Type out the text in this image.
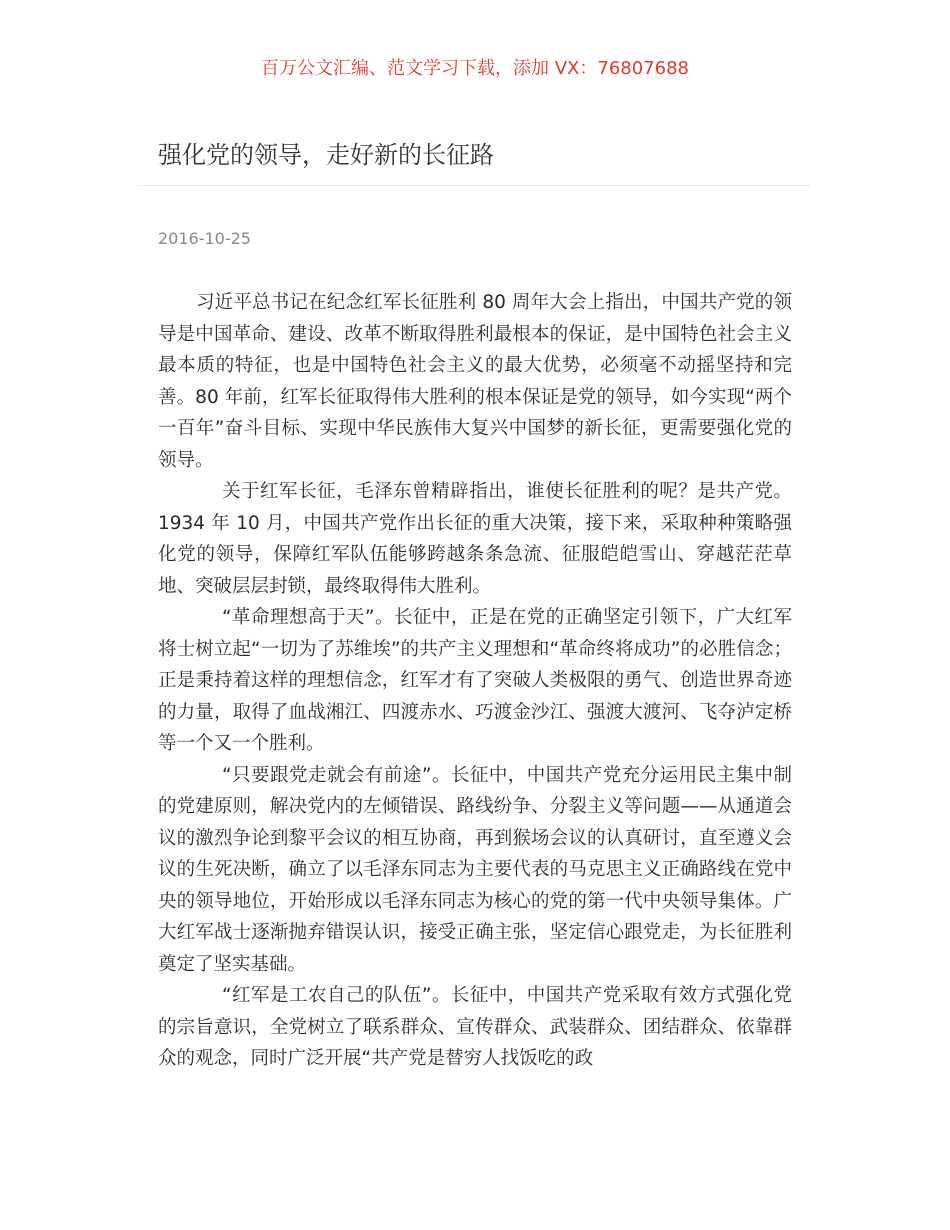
百万公文汇编、范文学习下载，添加 VX：76807688
强化党的领导，走好新的长征路
2016-10-25

习近平总书记在纪念红军长征胜利 80 周年大会上指出，中国共产党的领导是中国革命、建设、改革不断取得胜利最根本的保证，是中国特色社会主义最本质的特征，也是中国特色社会主义的最大优势，必须毫不动摇坚持和完善。80 年前，红军长征取得伟大胜利的根本保证是党的领导，如今实现“两个一百年”奋斗目标、实现中华民族伟大复兴中国梦的新长征，更需要强化党的领导。

关于红军长征，毛泽东曾精辟指出，谁使长征胜利的呢？是共产党。1934 年 10 月，中国共产党作出长征的重大决策，接下来，采取种种策略强化党的领导，保障红军队伍能够跨越条条急流、征服皑皑雪山、穿越茫茫草地、突破层层封锁，最终取得伟大胜利。

“革命理想高于天”。长征中，正是在党的正确坚定引领下，广大红军将士树立起“一切为了苏维埃”的共产主义理想和“革命终将成功”的必胜信念；正是秉持着这样的理想信念，红军才有了突破人类极限的勇气、创造世界奇迹的力量，取得了血战湘江、四渡赤水、巧渡金沙江、强渡大渡河、飞夺泸定桥等一个又一个胜利。

“只要跟党走就会有前途”。长征中，中国共产党充分运用民主集中制的党建原则，解决党内的左倾错误、路线纷争、分裂主义等问题——从通道会议的激烈争论到黎平会议的相互协商，再到猴场会议的认真研讨，直至遵义会议的生死决断，确立了以毛泽东同志为主要代表的马克思主义正确路线在党中央的领导地位，开始形成以毛泽东同志为核心的党的第一代中央领导集体。广大红军战士逐渐抛弃错误认识，接受正确主张，坚定信心跟党走，为长征胜利奠定了坚实基础。

“红军是工农自己的队伍”。长征中，中国共产党采取有效方式强化党的宗旨意识，全党树立了联系群众、宣传群众、武装群众、团结群众、依靠群众的观念，同时广泛开展“共产党是替穷人找饭吃的政
